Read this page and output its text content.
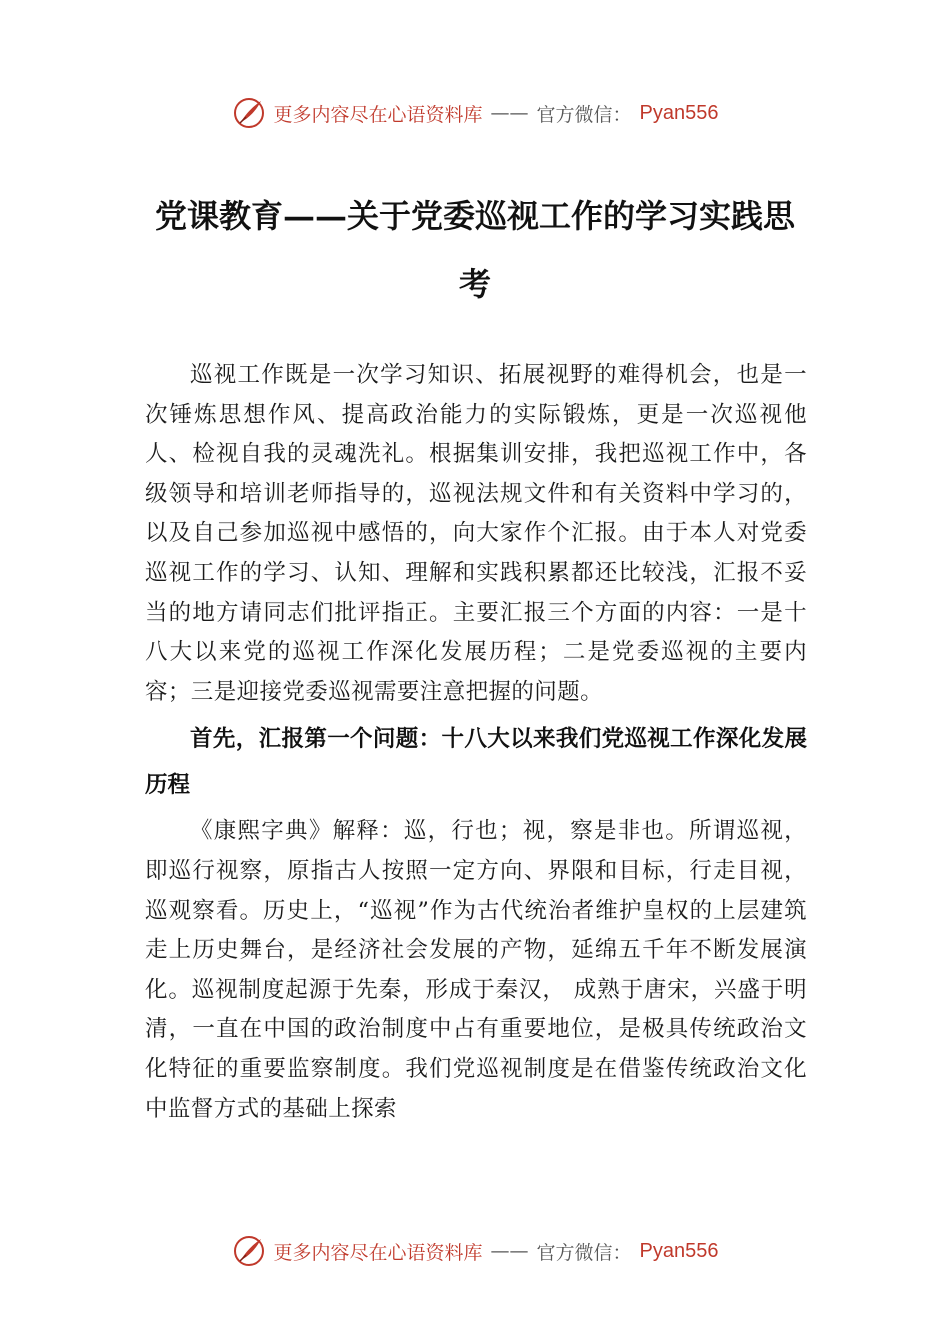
更多内容尽在心语资料库 —— 官方微信： Pyan556
党课教育——关于党委巡视工作的学习实践思考

巡视工作既是一次学习知识、拓展视野的难得机会，也是一次锤炼思想作风、提高政治能力的实际锻炼，更是一次巡视他人、检视自我的灵魂洗礼。根据集训安排，我把巡视工作中，各级领导和培训老师指导的，巡视法规文件和有关资料中学习的，以及自己参加巡视中感悟的，向大家作个汇报。由于本人对党委巡视工作的学习、认知、理解和实践积累都还比较浅，汇报不妥当的地方请同志们批评指正。主要汇报三个方面的内容：一是十八大以来党的巡视工作深化发展历程；二是党委巡视的主要内容；三是迎接党委巡视需要注意把握的问题。

首先，汇报第一个问题：十八大以来我们党巡视工作深化发展历程

《康熙字典》解释：巡，行也；视，察是非也。所谓巡视，即巡行视察，原指古人按照一定方向、界限和目标，行走目视，巡观察看。历史上，“巡视”作为古代统治者维护皇权的上层建筑走上历史舞台，是经济社会发展的产物，延绵五千年不断发展演化。巡视制度起源于先秦，形成于秦汉， 成熟于唐宋，兴盛于明清，一直在中国的政治制度中占有重要地位，是极具传统政治文化特征的重要监察制度。我们党巡视制度是在借鉴传统政治文化中监督方式的基础上探索

更多内容尽在心语资料库 —— 官方微信： Pyan556
